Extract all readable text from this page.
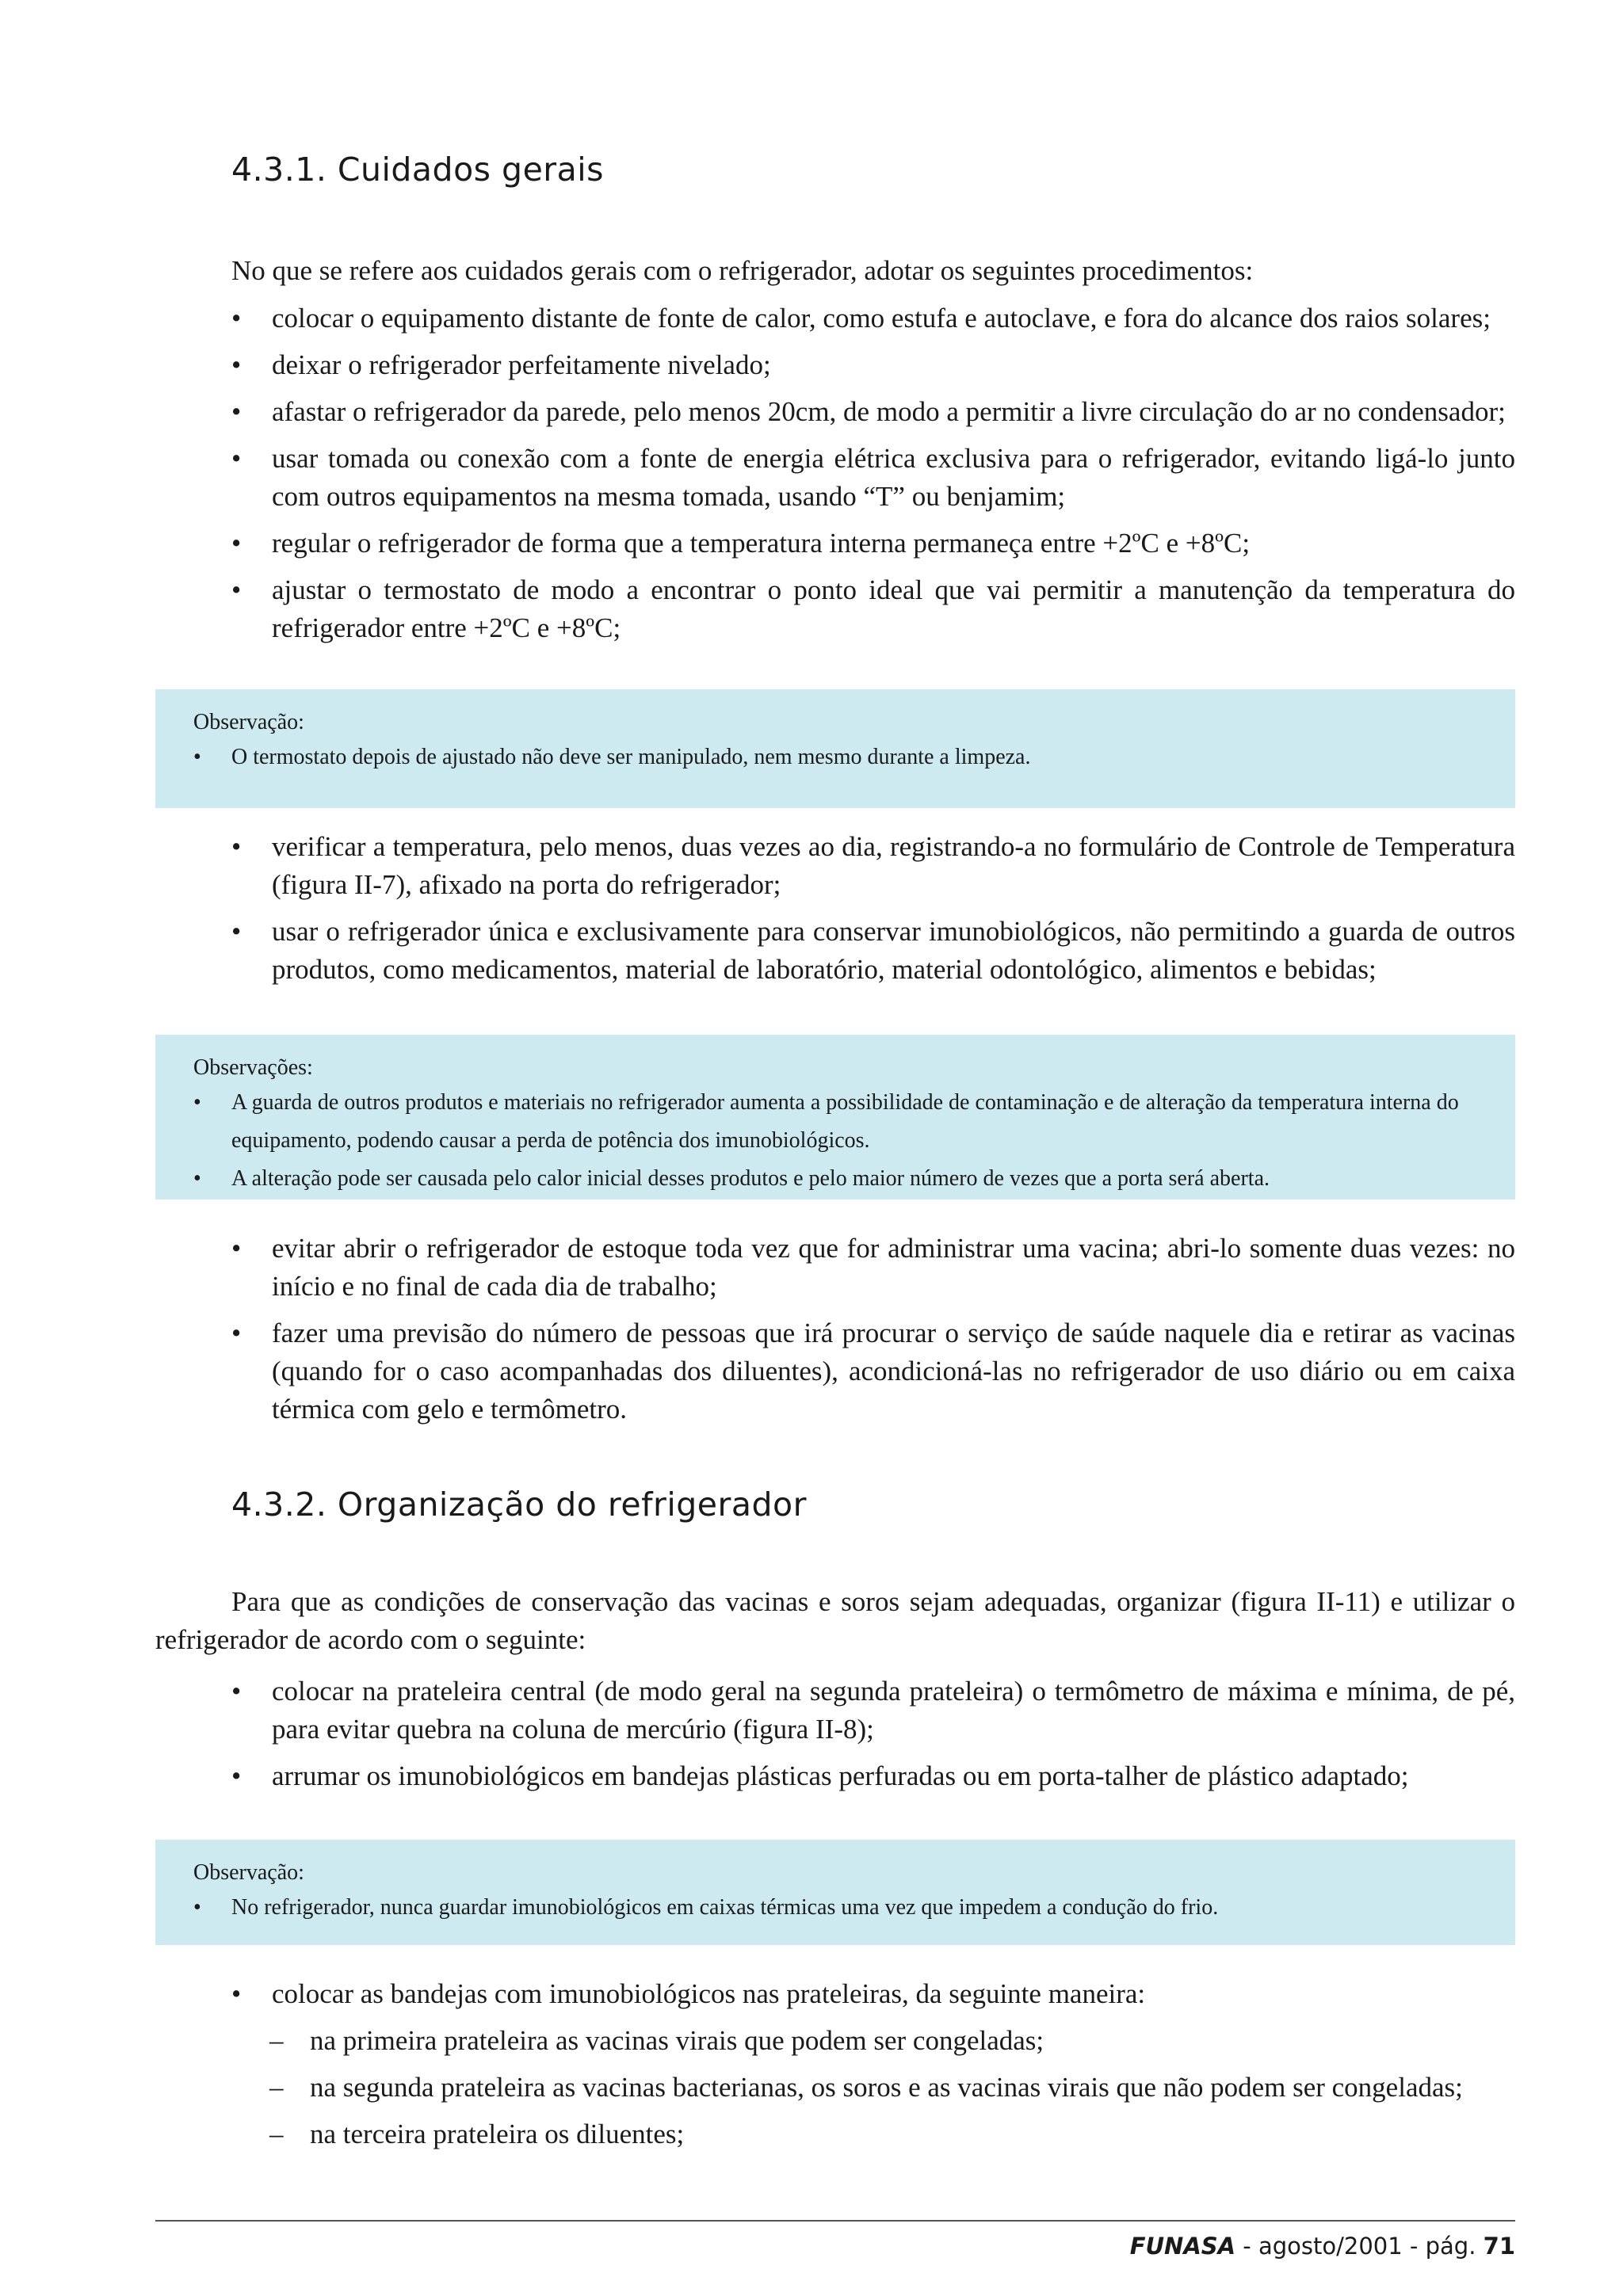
4.3.1. Cuidados gerais

No que se refere aos cuidados gerais com o refrigerador, adotar os seguintes procedimentos:

• colocar o equipamento distante de fonte de calor, como estufa e autoclave, e fora do alcance dos raios solares;
• deixar o refrigerador perfeitamente nivelado;
• afastar o refrigerador da parede, pelo menos 20cm, de modo a permitir a livre circulação do ar no condensador;
• usar tomada ou conexão com a fonte de energia elétrica exclusiva para o refrigerador, evitando ligá-lo junto com outros equipamentos na mesma tomada, usando “T” ou benjamim;
• regular o refrigerador de forma que a temperatura interna permaneça entre +2ºC e +8ºC;
• ajustar o termostato de modo a encontrar o ponto ideal que vai permitir a manutenção da temperatura do refrigerador entre +2ºC e +8ºC;
Observação:
• O termostato depois de ajustado não deve ser manipulado, nem mesmo durante a limpeza.
• verificar a temperatura, pelo menos, duas vezes ao dia, registrando-a no formulário de Controle de Temperatura (figura II-7), afixado na porta do refrigerador;
• usar o refrigerador única e exclusivamente para conservar imunobiológicos, não permitindo a guarda de outros produtos, como medicamentos, material de laboratório, material odontológico, alimentos e bebidas;
Observações:
• A guarda de outros produtos e materiais no refrigerador aumenta a possibilidade de contaminação e de alteração da temperatura interna do equipamento, podendo causar a perda de potência dos imunobiológicos.
• A alteração pode ser causada pelo calor inicial desses produtos e pelo maior número de vezes que a porta será aberta.
• evitar abrir o refrigerador de estoque toda vez que for administrar uma vacina; abri-lo somente duas vezes: no início e no final de cada dia de trabalho;
• fazer uma previsão do número de pessoas que irá procurar o serviço de saúde naquele dia e retirar as vacinas (quando for o caso acompanhadas dos diluentes), acondicioná-las no refrigerador de uso diário ou em caixa térmica com gelo e termômetro.
4.3.2. Organização do refrigerador

Para que as condições de conservação das vacinas e soros sejam adequadas, organizar (figura II-11) e utilizar o refrigerador de acordo com o seguinte:

• colocar na prateleira central (de modo geral na segunda prateleira) o termômetro de máxima e mínima, de pé, para evitar quebra na coluna de mercúrio (figura II-8);
• arrumar os imunobiológicos em bandejas plásticas perfuradas ou em porta-talher de plástico adaptado;
Observação:
• No refrigerador, nunca guardar imunobiológicos em caixas térmicas uma vez que impedem a condução do frio.
• colocar as bandejas com imunobiológicos nas prateleiras, da seguinte maneira:
– na primeira prateleira as vacinas virais que podem ser congeladas;
– na segunda prateleira as vacinas bacterianas, os soros e as vacinas virais que não podem ser congeladas;
– na terceira prateleira os diluentes;
FUNASA - agosto/2001 - pág. 71
